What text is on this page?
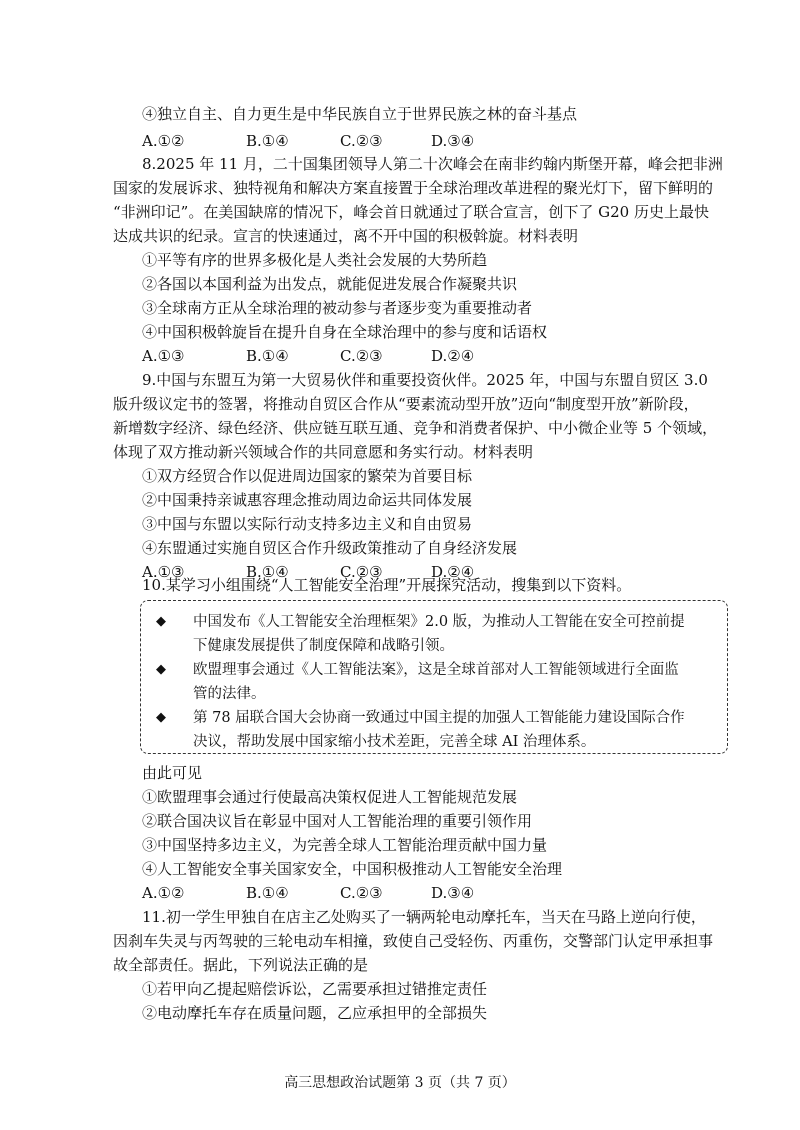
④独立自主、自力更生是中华民族自立于世界民族之林的奋斗基点
A.①②	B.①④	C.②③	D.③④
8.2025 年 11 月，二十国集团领导人第二十次峰会在南非约翰内斯堡开幕，峰会把非洲
国家的发展诉求、独特视角和解决方案直接置于全球治理改革进程的聚光灯下，留下鲜明的
“非洲印记”。在美国缺席的情况下，峰会首日就通过了联合宣言，创下了 G20 历史上最快
达成共识的纪录。宣言的快速通过，离不开中国的积极斡旋。材料表明
①平等有序的世界多极化是人类社会发展的大势所趋
②各国以本国利益为出发点，就能促进发展合作凝聚共识
③全球南方正从全球治理的被动参与者逐步变为重要推动者
④中国积极斡旋旨在提升自身在全球治理中的参与度和话语权
A.①③	B.①④	C.②③	D.②④
9.中国与东盟互为第一大贸易伙伴和重要投资伙伴。2025 年，中国与东盟自贸区 3.0
版升级议定书的签署，将推动自贸区合作从“要素流动型开放”迈向“制度型开放”新阶段，
新增数字经济、绿色经济、供应链互联互通、竞争和消费者保护、中小微企业等 5 个领域，
体现了双方推动新兴领域合作的共同意愿和务实行动。材料表明
①双方经贸合作以促进周边国家的繁荣为首要目标
②中国秉持亲诚惠容理念推动周边命运共同体发展
③中国与东盟以实际行动支持多边主义和自由贸易
④东盟通过实施自贸区合作升级政策推动了自身经济发展
A.①③	B.①④	C.②③	D.②④
10.某学习小组围绕“人工智能安全治理”开展探究活动，搜集到以下资料。
◆ 中国发布《人工智能安全治理框架》2.0 版，为推动人工智能在安全可控前提
下健康发展提供了制度保障和战略引领。
◆ 欧盟理事会通过《人工智能法案》，这是全球首部对人工智能领域进行全面监
管的法律。
◆ 第 78 届联合国大会协商一致通过中国主提的加强人工智能能力建设国际合作
决议，帮助发展中国家缩小技术差距，完善全球 AI 治理体系。
由此可见
①欧盟理事会通过行使最高决策权促进人工智能规范发展
②联合国决议旨在彰显中国对人工智能治理的重要引领作用
③中国坚持多边主义，为完善全球人工智能治理贡献中国力量
④人工智能安全事关国家安全，中国积极推动人工智能安全治理
A.①②	B.①④	C.②③	D.③④
11.初一学生甲独自在店主乙处购买了一辆两轮电动摩托车，当天在马路上逆向行使，
因刹车失灵与丙驾驶的三轮电动车相撞，致使自己受轻伤、丙重伤，交警部门认定甲承担事
故全部责任。据此，下列说法正确的是
①若甲向乙提起赔偿诉讼，乙需要承担过错推定责任
②电动摩托车存在质量问题，乙应承担甲的全部损失
高三思想政治试题第 3 页（共 7 页）
